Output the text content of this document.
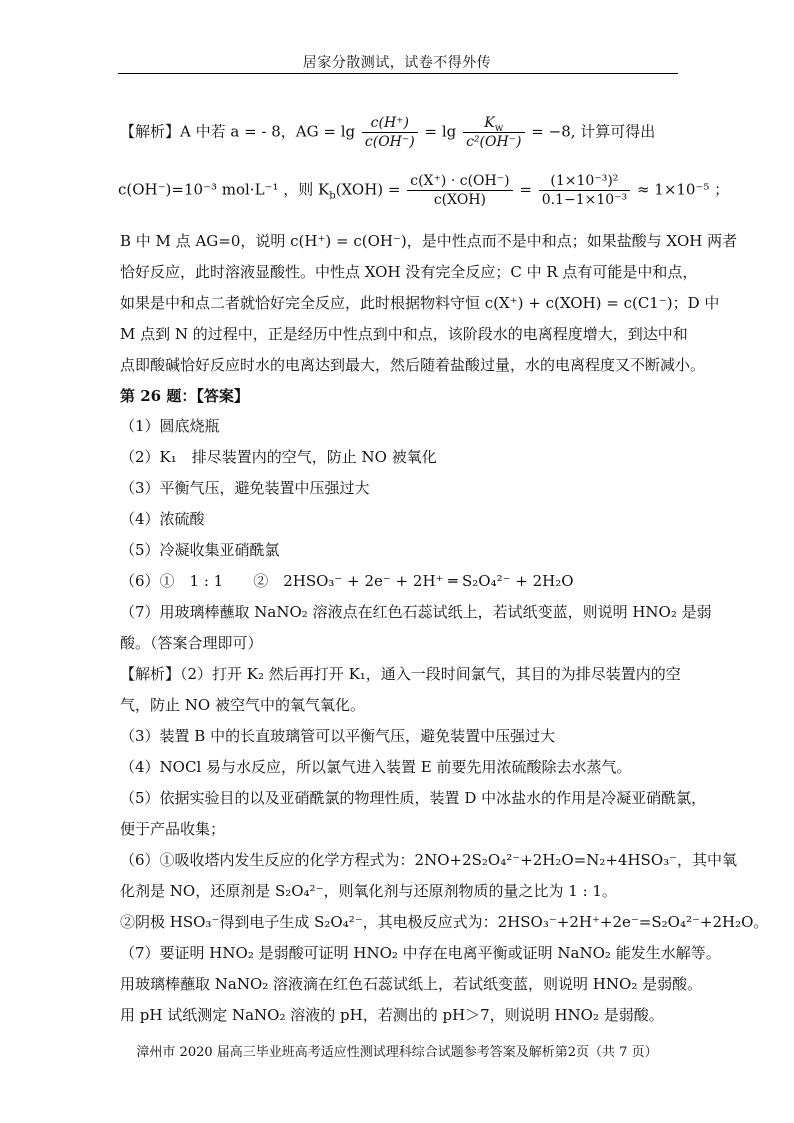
居家分散测试，试卷不得外传
【解析】A 中若 a = - 8，AG = $\lg \frac{c(H^+)}{c(OH^-)} = \lg \frac{K_w}{\text{c²(OH⁻)}} = -8$, 计算可得出
c(OH⁻)=10⁻³ mol·L⁻¹ ，则 $K_b(XOH) = \frac{c(X^+) \cdot c(OH^-)}{\text{c(XOH)}} = \frac{\text{(1×10⁻³)²}}{\text{0.1−1×10⁻³}} \approx 1\times 10^{-5}$ ；
B 中 M 点 AG=0，说明 c(H⁺) = c(OH⁻)，是中性点而不是中和点；如果盐酸与 XOH 两者
恰好反应，此时溶液显酸性。中性点 XOH 没有完全反应；C 中 R 点有可能是中和点，
如果是中和点二者就恰好完全反应，此时根据物料守恒 c(X⁺) + c(XOH) = c(C1⁻)；D 中
M 点到 N 的过程中，正是经历中性点到中和点，该阶段水的电离程度增大，到达中和
点即酸碱恰好反应时水的电离达到最大，然后随着盐酸过量，水的电离程度又不断减小。
第 26 题：【答案】
（1）圆底烧瓶
（2）K₁　排尽装置内的空气，防止 NO 被氧化
（3）平衡气压，避免装置中压强过大
（4）浓硫酸
（5）冷凝收集亚硝酰氯
（6）①　1 : 1　　②　2HSO₃⁻ + 2e⁻ + 2H⁺ ═ S₂O₄²⁻ + 2H₂O
（7）用玻璃棒蘸取 NaNO₂ 溶液点在红色石蕊试纸上，若试纸变蓝，则说明 HNO₂ 是弱
酸。（答案合理即可）
【解析】（2）打开 K₂ 然后再打开 K₁，通入一段时间氯气，其目的为排尽装置内的空
气，防止 NO 被空气中的氧气氧化。
（3）装置 B 中的长直玻璃管可以平衡气压，避免装置中压强过大
（4）NOCl 易与水反应，所以氯气进入装置 E 前要先用浓硫酸除去水蒸气。
（5）依据实验目的以及亚硝酰氯的物理性质，装置 D 中冰盐水的作用是冷凝亚硝酰氯，
便于产品收集；
（6）①吸收塔内发生反应的化学方程式为：2NO+2S₂O₄²⁻+2H₂O=N₂+4HSO₃⁻，其中氧
化剂是 NO，还原剂是 S₂O₄²⁻，则氧化剂与还原剂物质的量之比为 1 : 1。
②阴极 HSO₃⁻得到电子生成 S₂O₄²⁻，其电极反应式为：2HSO₃⁻+2H⁺+2e⁻=S₂O₄²⁻+2H₂O。
（7）要证明 HNO₂ 是弱酸可证明 HNO₂ 中存在电离平衡或证明 NaNO₂ 能发生水解等。
用玻璃棒蘸取 NaNO₂ 溶液滴在红色石蕊试纸上，若试纸变蓝，则说明 HNO₂ 是弱酸。
用 pH 试纸测定 NaNO₂ 溶液的 pH，若测出的 pH＞7，则说明 HNO₂ 是弱酸。
漳州市 2020 届高三毕业班高考适应性测试理科综合试题参考答案及解析第2页（共 7 页）
